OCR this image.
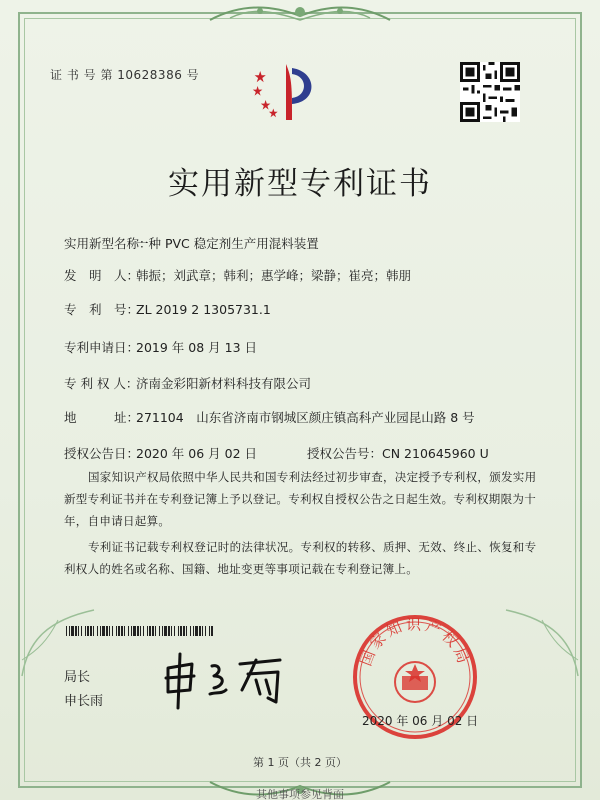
证 书 号 第 10628386 号
实用新型专利证书
实用新型名称：一种 PVC 稳定剂生产用混料装置
发　明　人：韩振；刘武章；韩利；惠学峰；梁静；崔亮；韩朋
专　利　号：ZL 2019 2 1305731.1
专利申请日：2019 年 08 月 13 日
专 利 权 人：济南金彩阳新材料科技有限公司
地　　　址：271104　山东省济南市钢城区颜庄镇高科产业园昆山路 8 号
授权公告日：2020 年 06 月 02 日　　　　授权公告号：CN 210645960 U
国家知识产权局依照中华人民共和国专利法经过初步审查，决定授予专利权，颁发实用新型专利证书并在专利登记簿上予以登记。专利权自授权公告之日起生效。专利权期限为十年，自申请日起算。
专利证书记载专利权登记时的法律状况。专利权的转移、质押、无效、终止、恢复和专利权人的姓名或名称、国籍、地址变更等事项记载在专利登记簿上。
局长
申长雨
国家知识产权局
2020 年 06 月 02 日
第 1 页（共 2 页）
其他事项参见背面
